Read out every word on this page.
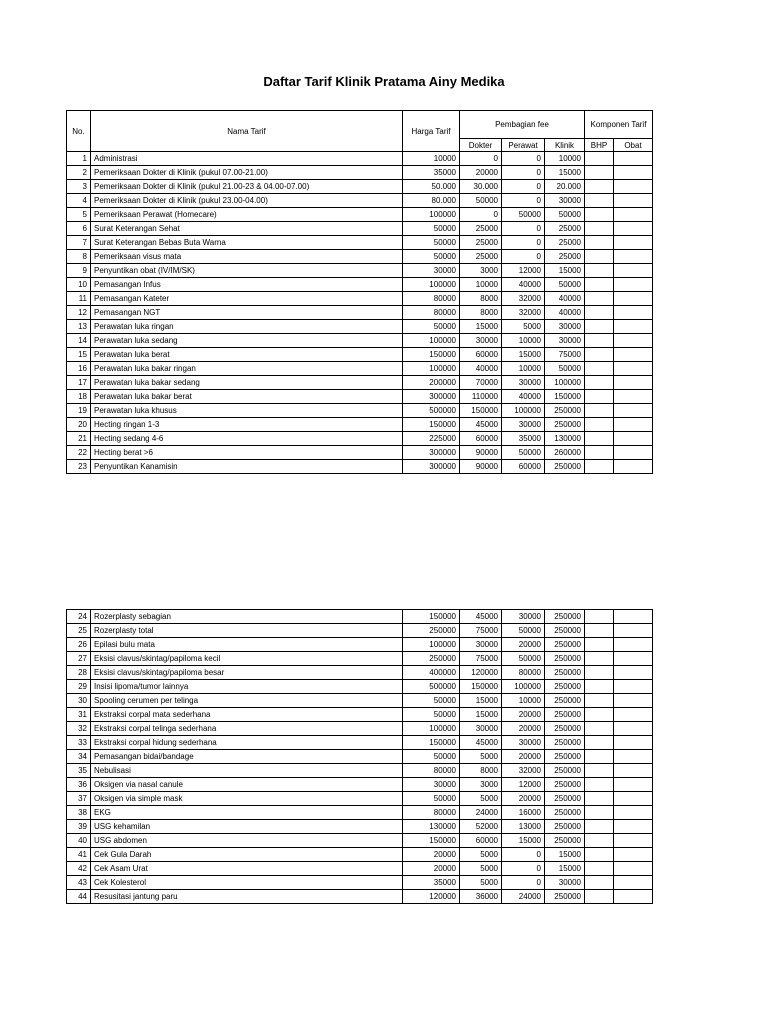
Daftar Tarif Klinik Pratama Ainy Medika
No.	Nama Tarif	Harga Tarif	Pembagian fee			Komponen Tarif	
			Dokter	Perawat	Klinik	BHP	Obat
1	Administrasi	10000	0	0	10000		
2	Pemeriksaan Dokter di Klinik (pukul 07.00-21.00)	35000	20000	0	15000		
3	Pemeriksaan Dokter di Klinik (pukul 21.00-23 & 04.00-07.00)	50.000	30.000	0	20.000		
4	Pemeriksaan Dokter di Klinik (pukul 23.00-04.00)	80.000	50000	0	30000		
5	Pemeriksaan Perawat (Homecare)	100000	0	50000	50000		
6	Surat Keterangan Sehat	50000	25000	0	25000		
7	Surat Keterangan Bebas Buta Warna	50000	25000	0	25000		
8	Pemeriksaan visus mata	50000	25000	0	25000		
9	Penyuntikan obat (IV/IM/SK)	30000	3000	12000	15000		
10	Pemasangan Infus	100000	10000	40000	50000		
11	Pemasangan Kateter	80000	8000	32000	40000		
12	Pemasangan NGT	80000	8000	32000	40000		
13	Perawatan luka ringan	50000	15000	5000	30000		
14	Perawatan luka sedang	100000	30000	10000	30000		
15	Perawatan luka berat	150000	60000	15000	75000		
16	Perawatan luka bakar ringan	100000	40000	10000	50000		
17	Perawatan luka bakar sedang	200000	70000	30000	100000		
18	Perawatan luka bakar berat	300000	110000	40000	150000		
19	Perawatan luka khusus	500000	150000	100000	250000		
20	Hecting ringan 1-3	150000	45000	30000	250000		
21	Hecting sedang 4-6	225000	60000	35000	130000		
22	Hecting berat >6	300000	90000	50000	260000		
23	Penyuntikan Kanamisin	300000	90000	60000	250000		
24	Rozerplasty sebagian	150000	45000	30000	250000		
25	Rozerplasty total	250000	75000	50000	250000		
26	Epilasi bulu mata	100000	30000	20000	250000		
27	Eksisi clavus/skintag/papiloma kecil	250000	75000	50000	250000		
28	Eksisi clavus/skintag/papiloma besar	400000	120000	80000	250000		
29	Insisi lipoma/tumor lainnya	500000	150000	100000	250000		
30	Spooling cerumen per telinga	50000	15000	10000	250000		
31	Ekstraksi corpal mata sederhana	50000	15000	20000	250000		
32	Ekstraksi corpal telinga sederhana	100000	30000	20000	250000		
33	Ekstraksi corpal hidung sederhana	150000	45000	30000	250000		
34	Pemasangan bidai/bandage	50000	5000	20000	250000		
35	Nebulisasi	80000	8000	32000	250000		
36	Oksigen via nasal canule	30000	3000	12000	250000		
37	Oksigen via simple mask	50000	5000	20000	250000		
38	EKG	80000	24000	16000	250000		
39	USG kehamilan	130000	52000	13000	250000		
40	USG abdomen	150000	60000	15000	250000		
41	Cek Gula Darah	20000	5000	0	15000		
42	Cek Asam Urat	20000	5000	0	15000		
43	Cek Kolesterol	35000	5000	0	30000		
44	Resusitasi jantung paru	120000	36000	24000	250000		
